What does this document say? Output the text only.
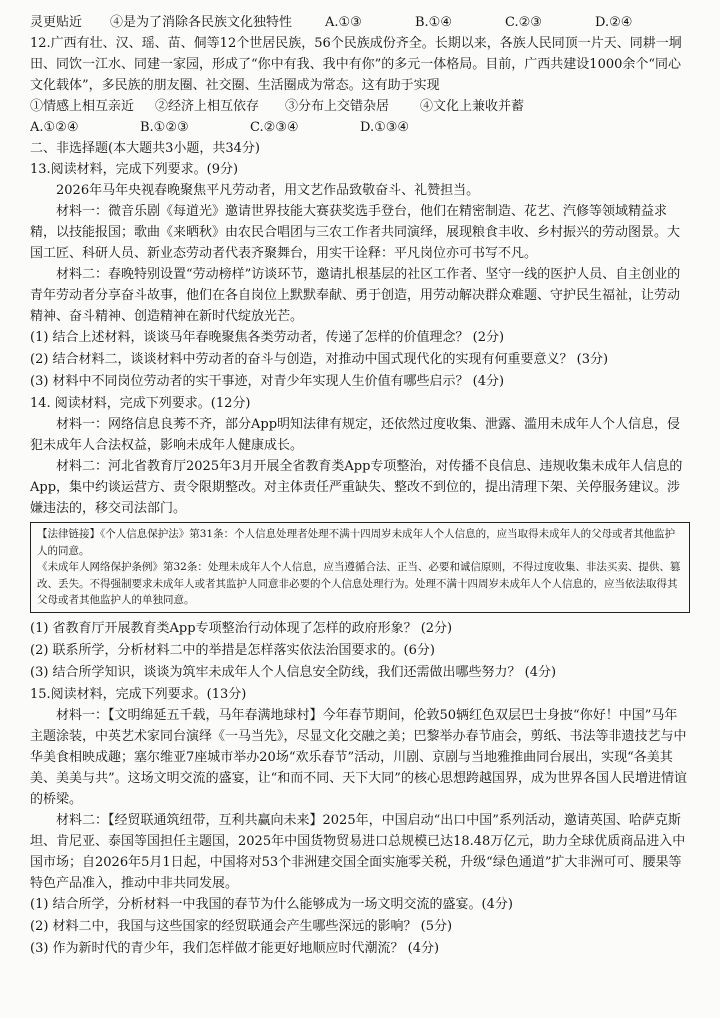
灵更贴近 ④是为了消除各民族文化独特性	A.①③	B.①④	C.②③	D.②④

12.广西有壮、汉、瑶、苗、侗等12个世居民族，56个民族成份齐全。长期以来，各族人民同顶一片天、同耕一垌田、同饮一江水、同建一家园，形成了“你中有我、我中有你”的多元一体格局。目前，广西共建设1000余个“同心文化载体”，多民族的朋友圈、社交圈、生活圈成为常态。这有助于实现

①情感上相互亲近 ②经济上相互依存 ③分布上交错杂居 ④文化上兼收并蓄
A.①②④	B.①②③	C.②③④	D.①③④
二、非选择题(本大题共3小题，共34分)
13.阅读材料，完成下列要求。(9分)

2026年马年央视春晚聚焦平凡劳动者，用文艺作品致敬奋斗、礼赞担当。

材料一：微音乐剧《每道光》邀请世界技能大赛获奖选手登台，他们在精密制造、花艺、汽修等领域精益求精，以技能报国；歌曲《来晒秋》由农民合唱团与三农工作者共同演绎，展现粮食丰收、乡村振兴的劳动图景。大国工匠、科研人员、新业态劳动者代表齐聚舞台，用实干诠释：平凡岗位亦可书写不凡。

材料二：春晚特别设置“劳动榜样”访谈环节，邀请扎根基层的社区工作者、坚守一线的医护人员、自主创业的青年劳动者分享奋斗故事，他们在各自岗位上默默奉献、勇于创造，用劳动解决群众难题、守护民生福祉，让劳动精神、奋斗精神、创造精神在新时代绽放光芒。

(1) 结合上述材料，谈谈马年春晚聚焦各类劳动者，传递了怎样的价值理念？ (2分)
(2) 结合材料二，谈谈材料中劳动者的奋斗与创造，对推动中国式现代化的实现有何重要意义？ (3分)
(3) 材料中不同岗位劳动者的实干事迹，对青少年实现人生价值有哪些启示？ (4分)
14. 阅读材料，完成下列要求。(12分)

材料一：网络信息良莠不齐，部分App明知法律有规定，还依然过度收集、泄露、滥用未成年人个人信息，侵犯未成年人合法权益，影响未成年人健康成长。

材料二：河北省教育厅2025年3月开展全省教育类App专项整治，对传播不良信息、违规收集未成年人信息的App，集中约谈运营方、责令限期整改。对主体责任严重缺失、整改不到位的，提出清理下架、关停服务建议。涉嫌违法的，移交司法部门。

【法律链接】《个人信息保护法》第31条：个人信息处理者处理不满十四周岁未成年人个人信息的，应当取得未成年人的父母或者其他监护人的同意。

《未成年人网络保护条例》第32条：处理未成年人个人信息，应当遵循合法、正当、必要和诚信原则，不得过度收集、非法买卖、提供、篡改、丢失。不得强制要求未成年人或者其监护人同意非必要的个人信息处理行为。处理不满十四周岁未成年人个人信息的，应当依法取得其父母或者其他监护人的单独同意。

(1) 省教育厅开展教育类App专项整治行动体现了怎样的政府形象？ (2分)
(2) 联系所学，分析材料二中的举措是怎样落实依法治国要求的。(6分)
(3) 结合所学知识，谈谈为筑牢未成年人个人信息安全防线，我们还需做出哪些努力？ (4分)
15.阅读材料，完成下列要求。(13分)

材料一：【文明绵延五千载，马年春满地球村】今年春节期间，伦敦50辆红色双层巴士身披“你好！中国”马年主题涂装，中英艺术家同台演绎《一马当先》，尽显文化交融之美；巴黎举办春节庙会，剪纸、书法等非遗技艺与中华美食相映成趣；塞尔维亚7座城市举办20场“欢乐春节”活动，川剧、京剧与当地雅推曲同台展出，实现“各美其美、美美与共”。这场文明交流的盛宴，让“和而不同、天下大同”的核心思想跨越国界，成为世界各国人民增进情谊的桥梁。

材料二：【经贸联通筑纽带，互利共赢向未来】2025年，中国启动“出口中国”系列活动，邀请英国、哈萨克斯坦、肯尼亚、泰国等国担任主题国，2025年中国货物贸易进口总规模已达18.48万亿元，助力全球优质商品进入中国市场；自2026年5月1日起，中国将对53个非洲建交国全面实施零关税，升级“绿色通道”扩大非洲可可、腰果等特色产品准入，推动中非共同发展。

(1) 结合所学，分析材料一中我国的春节为什么能够成为一场文明交流的盛宴。(4分)
(2) 材料二中，我国与这些国家的经贸联通会产生哪些深远的影响？ (5分)
(3) 作为新时代的青少年，我们怎样做才能更好地顺应时代潮流？ (4分)
